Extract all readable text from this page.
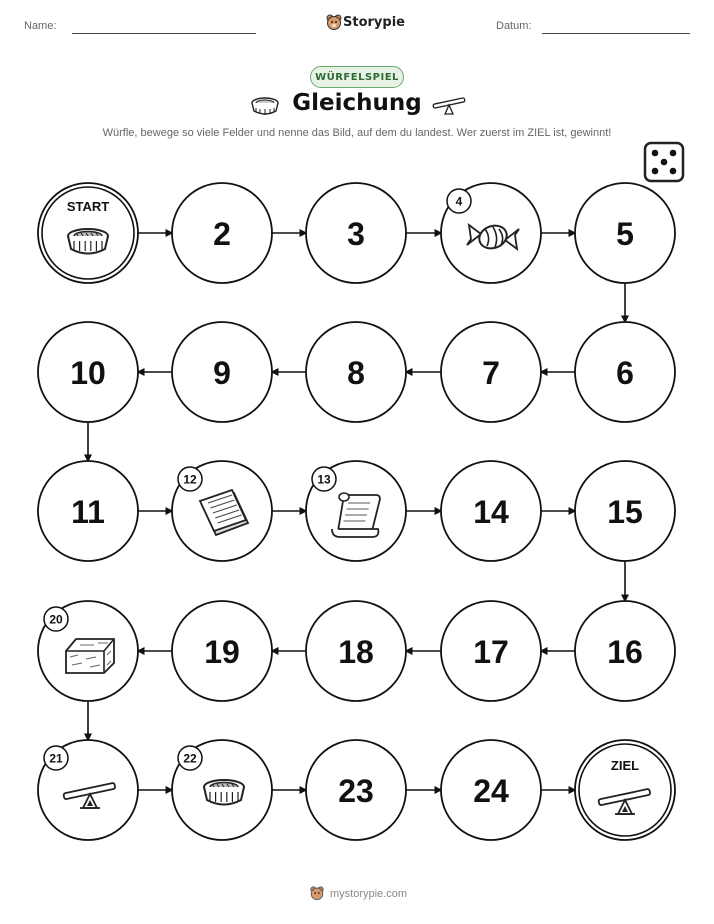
Name:	Storypie	Datum:
WÜRFELSPIEL
Gleichung
Würfle, bewege so viele Felder und nenne das Bild, auf dem du landest. Wer zuerst im ZIEL ist, gewinnt!
START
2	3
4
5
6
7
8
9
10
11
12	13
14	15
16
17
18
19
20
21	22
23	24
ZIEL
mystorypie.com
